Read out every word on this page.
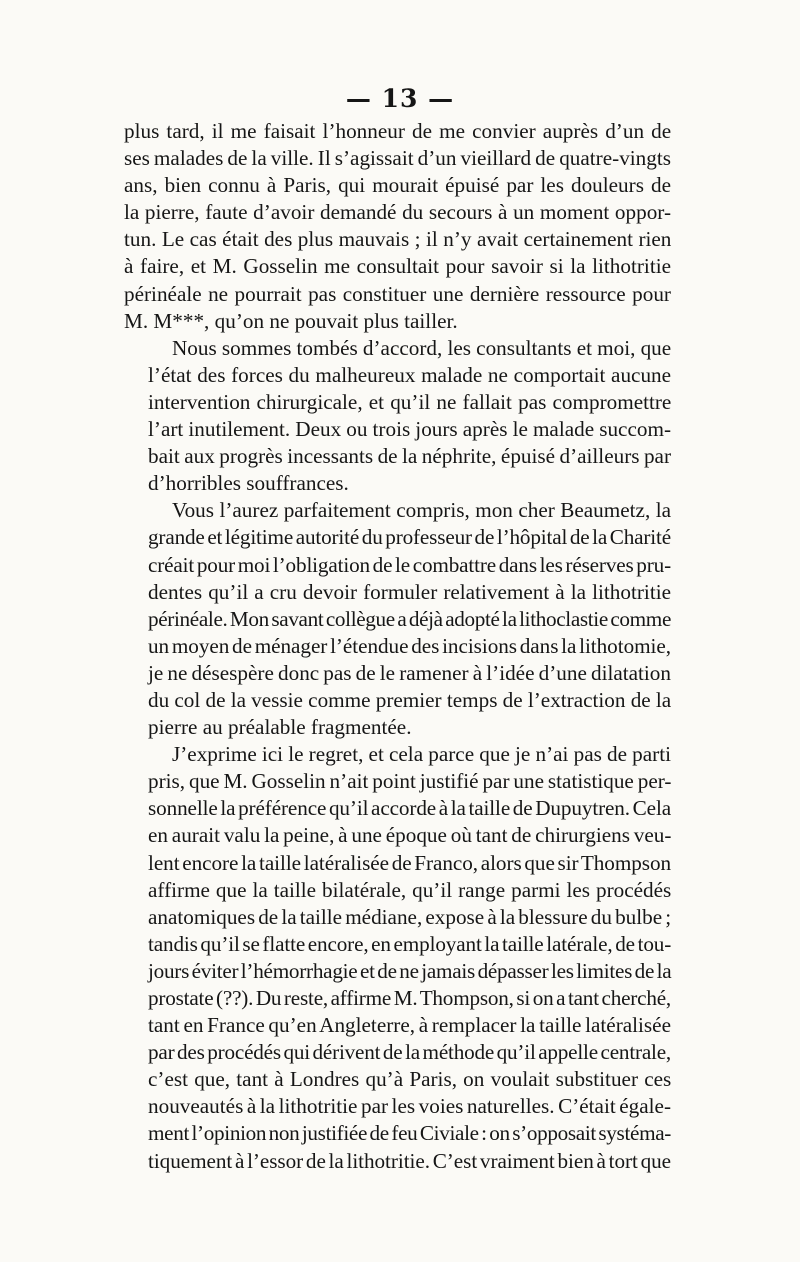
— 13 —

plus tard, il me faisait l’honneur de me convier auprès d’un de
ses malades de la ville. Il s’agissait d’un vieillard de quatre-vingts
ans, bien connu à Paris, qui mourait épuisé par les douleurs de
la pierre, faute d’avoir demandé du secours à un moment oppor-
tun. Le cas était des plus mauvais ; il n’y avait certainement rien
à faire, et M. Gosselin me consultait pour savoir si la lithotritie
périnéale ne pourrait pas constituer une dernière ressource pour
M. M***, qu’on ne pouvait plus tailler.

Nous sommes tombés d’accord, les consultants et moi, que
l’état des forces du malheureux malade ne comportait aucune
intervention chirurgicale, et qu’il ne fallait pas compromettre
l’art inutilement. Deux ou trois jours après le malade succom-
bait aux progrès incessants de la néphrite, épuisé d’ailleurs par
d’horribles souffrances.

Vous l’aurez parfaitement compris, mon cher Beaumetz, la
grande et légitime autorité du professeur de l’hôpital de la Charité
créait pour moi l’obligation de le combattre dans les réserves pru-
dentes qu’il a cru devoir formuler relativement à la lithotritie
périnéale. Mon savant collègue a déjà adopté la lithoclastie comme
un moyen de ménager l’étendue des incisions dans la lithotomie,
je ne désespère donc pas de le ramener à l’idée d’une dilatation
du col de la vessie comme premier temps de l’extraction de la
pierre au préalable fragmentée.

J’exprime ici le regret, et cela parce que je n’ai pas de parti
pris, que M. Gosselin n’ait point justifié par une statistique per-
sonnelle la préférence qu’il accorde à la taille de Dupuytren. Cela
en aurait valu la peine, à une époque où tant de chirurgiens veu-
lent encore la taille latéralisée de Franco, alors que sir Thompson
affirme que la taille bilatérale, qu’il range parmi les procédés
anatomiques de la taille médiane, expose à la blessure du bulbe ;
tandis qu’il se flatte encore, en employant la taille latérale, de tou-
jours éviter l’hémorrhagie et de ne jamais dépasser les limites de la
prostate (??). Du reste, affirme M. Thompson, si on a tant cherché,
tant en France qu’en Angleterre, à remplacer la taille latéralisée
par des procédés qui dérivent de la méthode qu’il appelle centrale,
c’est que, tant à Londres qu’à Paris, on voulait substituer ces
nouveautés à la lithotritie par les voies naturelles. C’était égale-
ment l’opinion non justifiée de feu Civiale : on s’opposait systéma-
tiquement à l’essor de la lithotritie. C’est vraiment bien à tort que
